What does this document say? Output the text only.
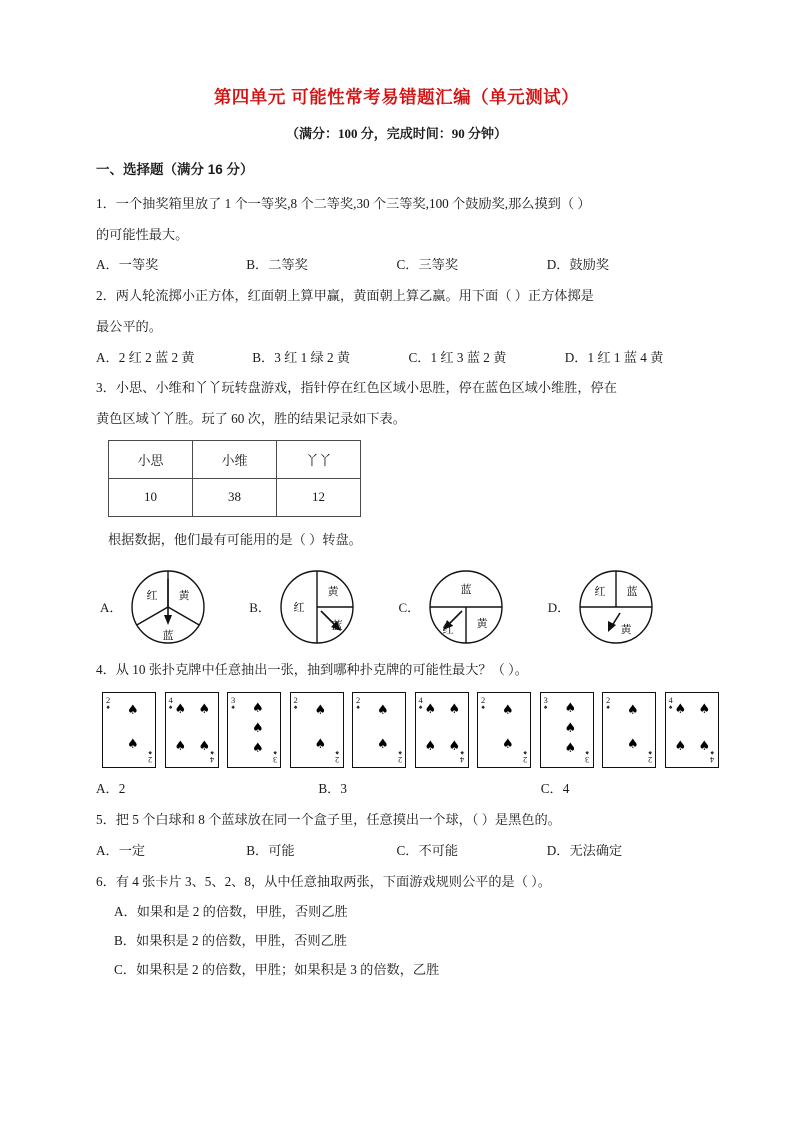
第四单元 可能性常考易错题汇编（单元测试）
（满分：100 分，完成时间：90 分钟）
一、选择题（满分 16 分）
1．一个抽奖箱里放了 1 个一等奖,8 个二等奖,30 个三等奖,100 个鼓励奖,那么摸到（ ）
的可能性最大。
A．一等奖	B．二等奖	C．三等奖	D．鼓励奖
2．两人轮流掷小正方体，红面朝上算甲赢，黄面朝上算乙赢。用下面（ ）正方体掷是
最公平的。
A．2 红 2 蓝 2 黄	B．3 红 1 绿 2 黄	C．1 红 3 蓝 2 黄	D．1 红 1 蓝 4 黄
3．小思、小维和丫丫玩转盘游戏，指针停在红色区域小思胜，停在蓝色区域小维胜，停在
黄色区域丫丫胜。玩了 60 次，胜的结果记录如下表。
小思	小维	丫丫
10	38	12
根据数据，他们最有可能用的是（ ）转盘。
A．
红 黄
蓝
B． 红
黄
蓝
C．
蓝
红 黄
D．
红 蓝
黄
4．从 10 张扑克牌中任意抽出一张，抽到哪种扑克牌的可能性最大？（ ）。
2
♠
2
♠
♠
♠
4
♠
4
♠
♠ ♠
♠ ♠
3
♠
3
♠
♠
♠
♠
2
♠
2
♠
♠
♠
2
♠
2
♠
♠
♠
4
♠
4
♠
♠ ♠
♠ ♠
2
♠
2
♠
♠
♠
3
♠
3
♠
♠
♠
♠
2
♠
2
♠
♠
♠
4
♠
4
♠
♠ ♠
♠ ♠
A．2	B．3	C．4
5．把 5 个白球和 8 个蓝球放在同一个盒子里，任意摸出一个球，（ ）是黑色的。
A．一定	B．可能	C．不可能	D．无法确定
6．有 4 张卡片 3、5、2、8，从中任意抽取两张，下面游戏规则公平的是（ ）。
A．如果和是 2 的倍数，甲胜，否则乙胜
B．如果积是 2 的倍数，甲胜，否则乙胜
C．如果积是 2 的倍数，甲胜；如果积是 3 的倍数，乙胜
